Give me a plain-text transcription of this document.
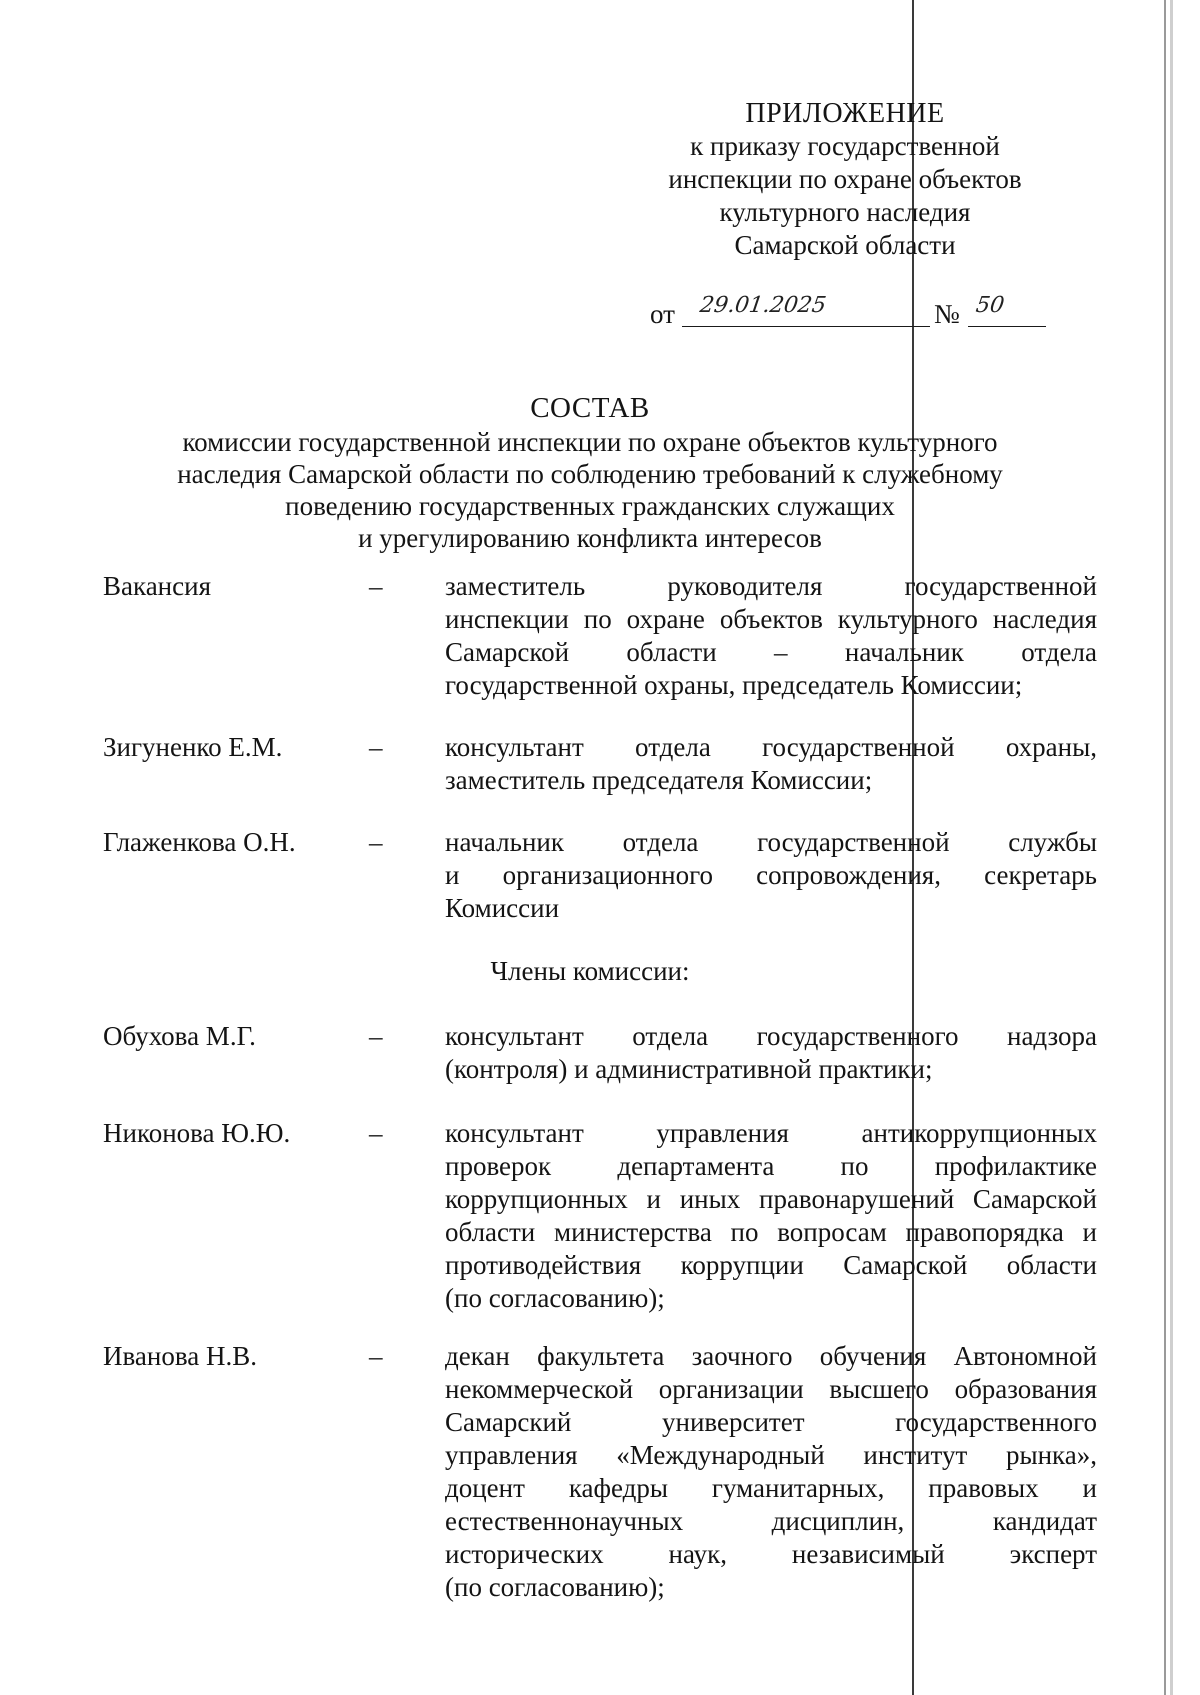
ПРИЛОЖЕНИЕ
к приказу государственной
инспекции по охране объектов
культурного наследия
Самарской области
от 29.01.2025	№ 50
СОСТАВ
комиссии государственной инспекции по охране объектов культурного
наследия Самарской области по соблюдению требований к служебному
поведению государственных гражданских служащих
и урегулированию конфликта интересов
Вакансия	– заместитель руководителя государственной
инспекции по охране объектов культурного наследия
Самарской области – начальник отдела
государственной охраны, председатель Комиссии;
Зигуненко Е.М.	– консультант отдела государственной охраны,
заместитель председателя Комиссии;
Глаженкова О.Н.	– начальник отдела государственной службы
и организационного сопровождения, секретарь
Комиссии
Члены комиссии:
Обухова М.Г.	– консультант отдела государственного надзора
(контроля) и административной практики;
Никонова Ю.Ю.	– консультант управления антикоррупционных
проверок департамента по профилактике
коррупционных и иных правонарушений Самарской
области министерства по вопросам правопорядка и
противодействия коррупции Самарской области
(по согласованию);
Иванова Н.В.	– декан факультета заочного обучения Автономной
некоммерческой организации высшего образования
Самарский университет государственного
управления «Международный институт рынка»,
доцент кафедры гуманитарных, правовых и
естественнонаучных дисциплин, кандидат
исторических наук, независимый эксперт
(по согласованию);
